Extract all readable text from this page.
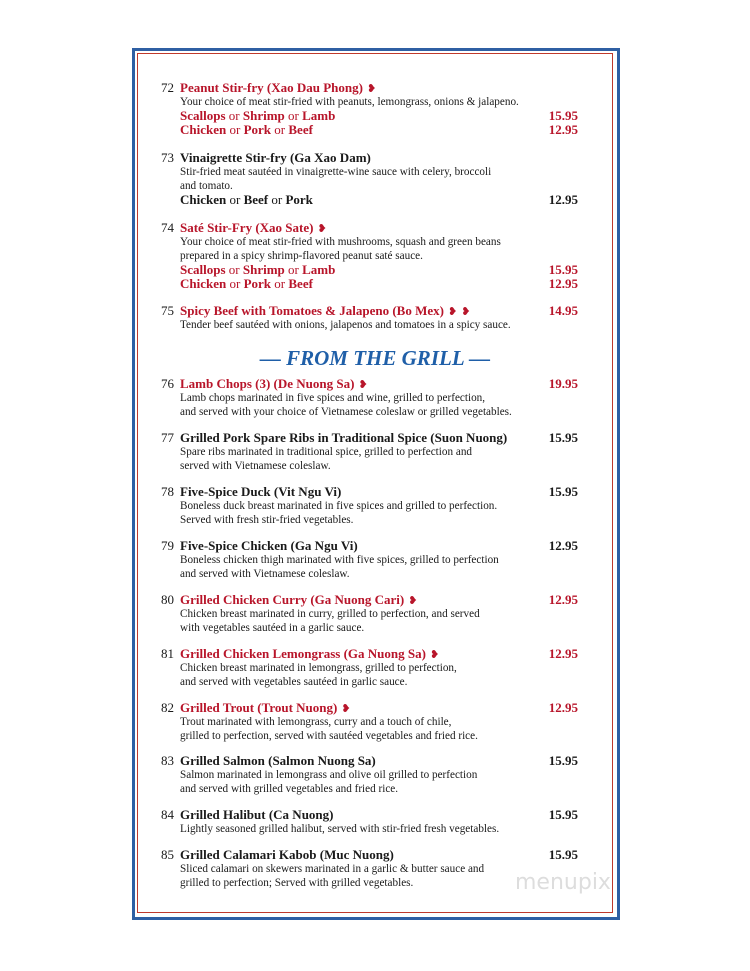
— FROM THE GRILL —
72 Peanut Stir-fry (Xao Dau Phong) ❥
Your choice of meat stir-fried with peanuts, lemongrass, onions & jalapeno.
Scallops or Shrimp or Lamb	15.95
Chicken or Pork or Beef	12.95
73 Vinaigrette Stir-fry (Ga Xao Dam)
Stir-fried meat sautéed in vinaigrette-wine sauce with celery, broccoli
and tomato.
Chicken or Beef or Pork	12.95
74 Saté Stir-Fry (Xao Sate) ❥
Your choice of meat stir-fried with mushrooms, squash and green beans
prepared in a spicy shrimp-flavored peanut saté sauce.
Scallops or Shrimp or Lamb	15.95
Chicken or Pork or Beef	12.95
75 Spicy Beef with Tomatoes & Jalapeno (Bo Mex) ❥ ❥	14.95
Tender beef sautéed with onions, jalapenos and tomatoes in a spicy sauce.
76 Lamb Chops (3) (De Nuong Sa) ❥	19.95
Lamb chops marinated in five spices and wine, grilled to perfection,
and served with your choice of Vietnamese coleslaw or grilled vegetables.
77 Grilled Pork Spare Ribs in Traditional Spice (Suon Nuong)	15.95
Spare ribs marinated in traditional spice, grilled to perfection and
served with Vietnamese coleslaw.
78 Five-Spice Duck (Vit Ngu Vi)	15.95
Boneless duck breast marinated in five spices and grilled to perfection.
Served with fresh stir-fried vegetables.
79 Five-Spice Chicken (Ga Ngu Vi)	12.95
Boneless chicken thigh marinated with five spices, grilled to perfection
and served with Vietnamese coleslaw.
80 Grilled Chicken Curry (Ga Nuong Cari) ❥	12.95
Chicken breast marinated in curry, grilled to perfection, and served
with vegetables sautéed in a garlic sauce.
81 Grilled Chicken Lemongrass (Ga Nuong Sa) ❥	12.95
Chicken breast marinated in lemongrass, grilled to perfection,
and served with vegetables sautéed in garlic sauce.
82 Grilled Trout (Trout Nuong) ❥	12.95
Trout marinated with lemongrass, curry and a touch of chile,
grilled to perfection, served with sautéed vegetables and fried rice.
83 Grilled Salmon (Salmon Nuong Sa)	15.95
Salmon marinated in lemongrass and olive oil grilled to perfection
and served with grilled vegetables and fried rice.
84 Grilled Halibut (Ca Nuong)	15.95
Lightly seasoned grilled halibut, served with stir-fried fresh vegetables.
85 Grilled Calamari Kabob (Muc Nuong)	15.95
Sliced calamari on skewers marinated in a garlic & butter sauce and
grilled to perfection; Served with grilled vegetables.	menupix
